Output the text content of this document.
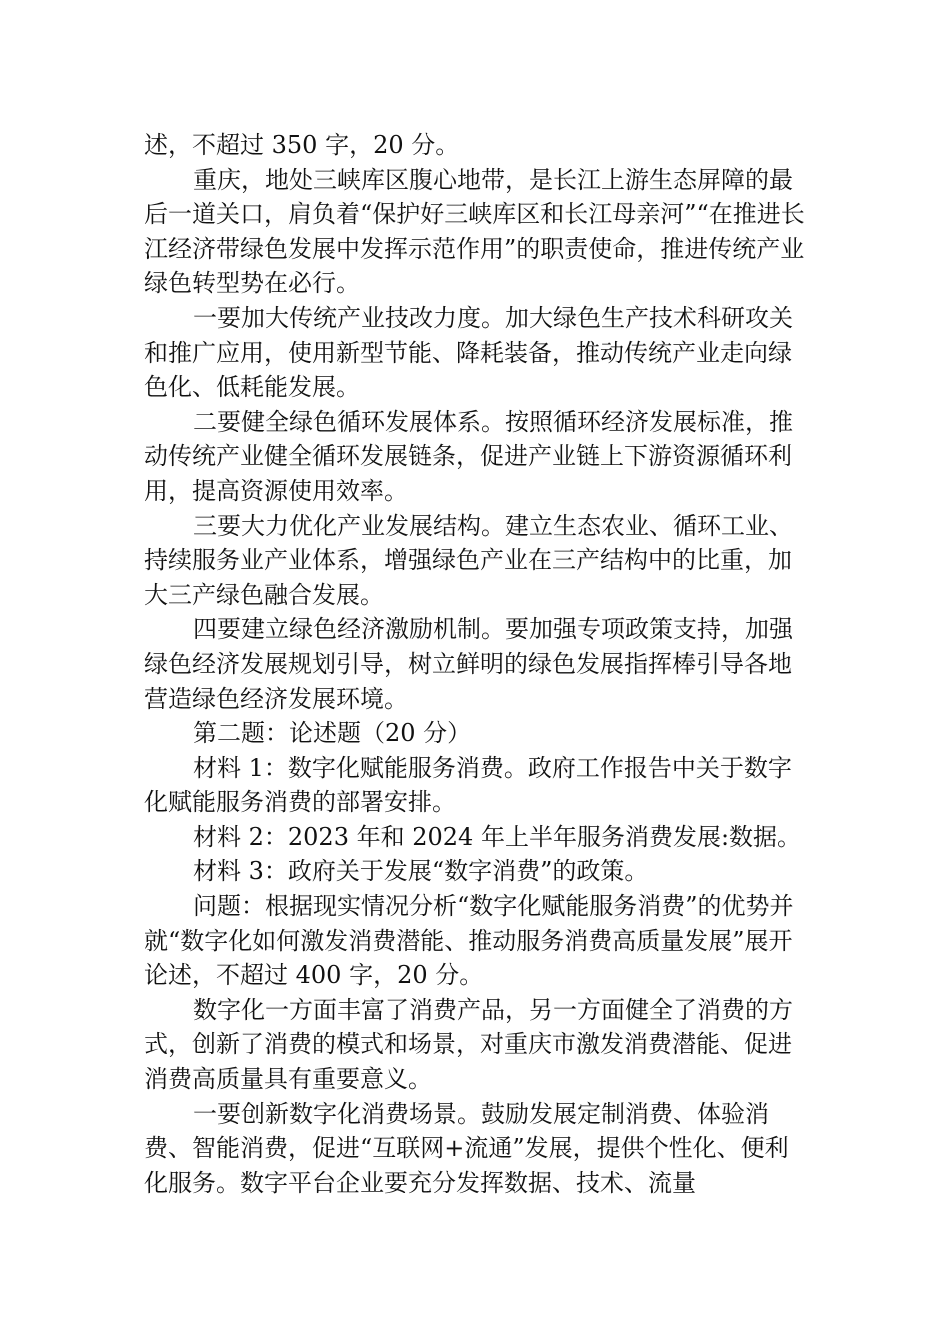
述，不超过 350 字，20 分。

重庆，地处三峡库区腹心地带，是长江上游生态屏障的最后一道关口，肩负着“保护好三峡库区和长江母亲河”“在推进长江经济带绿色发展中发挥示范作用”的职责使命，推进传统产业绿色转型势在必行。

一要加大传统产业技改力度。加大绿色生产技术科研攻关和推广应用，使用新型节能、降耗装备，推动传统产业走向绿色化、低耗能发展。

二要健全绿色循环发展体系。按照循环经济发展标准，推动传统产业健全循环发展链条，促进产业链上下游资源循环利用，提高资源使用效率。

三要大力优化产业发展结构。建立生态农业、循环工业、持续服务业产业体系，增强绿色产业在三产结构中的比重，加大三产绿色融合发展。

四要建立绿色经济激励机制。要加强专项政策支持，加强绿色经济发展规划引导，树立鲜明的绿色发展指挥棒引导各地营造绿色经济发展环境。

第二题：论述题（20 分）

材料 1：数字化赋能服务消费。政府工作报告中关于数字化赋能服务消费的部署安排。

材料 2：2023 年和 2024 年上半年服务消费发展:数据。

材料 3：政府关于发展“数字消费”的政策。

问题：根据现实情况分析“数字化赋能服务消费”的优势并就“数字化如何激发消费潜能、推动服务消费高质量发展”展开论述，不超过 400 字，20 分。

数字化一方面丰富了消费产品，另一方面健全了消费的方式，创新了消费的模式和场景，对重庆市激发消费潜能、促进消费高质量具有重要意义。

一要创新数字化消费场景。鼓励发展定制消费、体验消费、智能消费，促进“互联网+流通”发展，提供个性化、便利化服务。数字平台企业要充分发挥数据、技术、流量
